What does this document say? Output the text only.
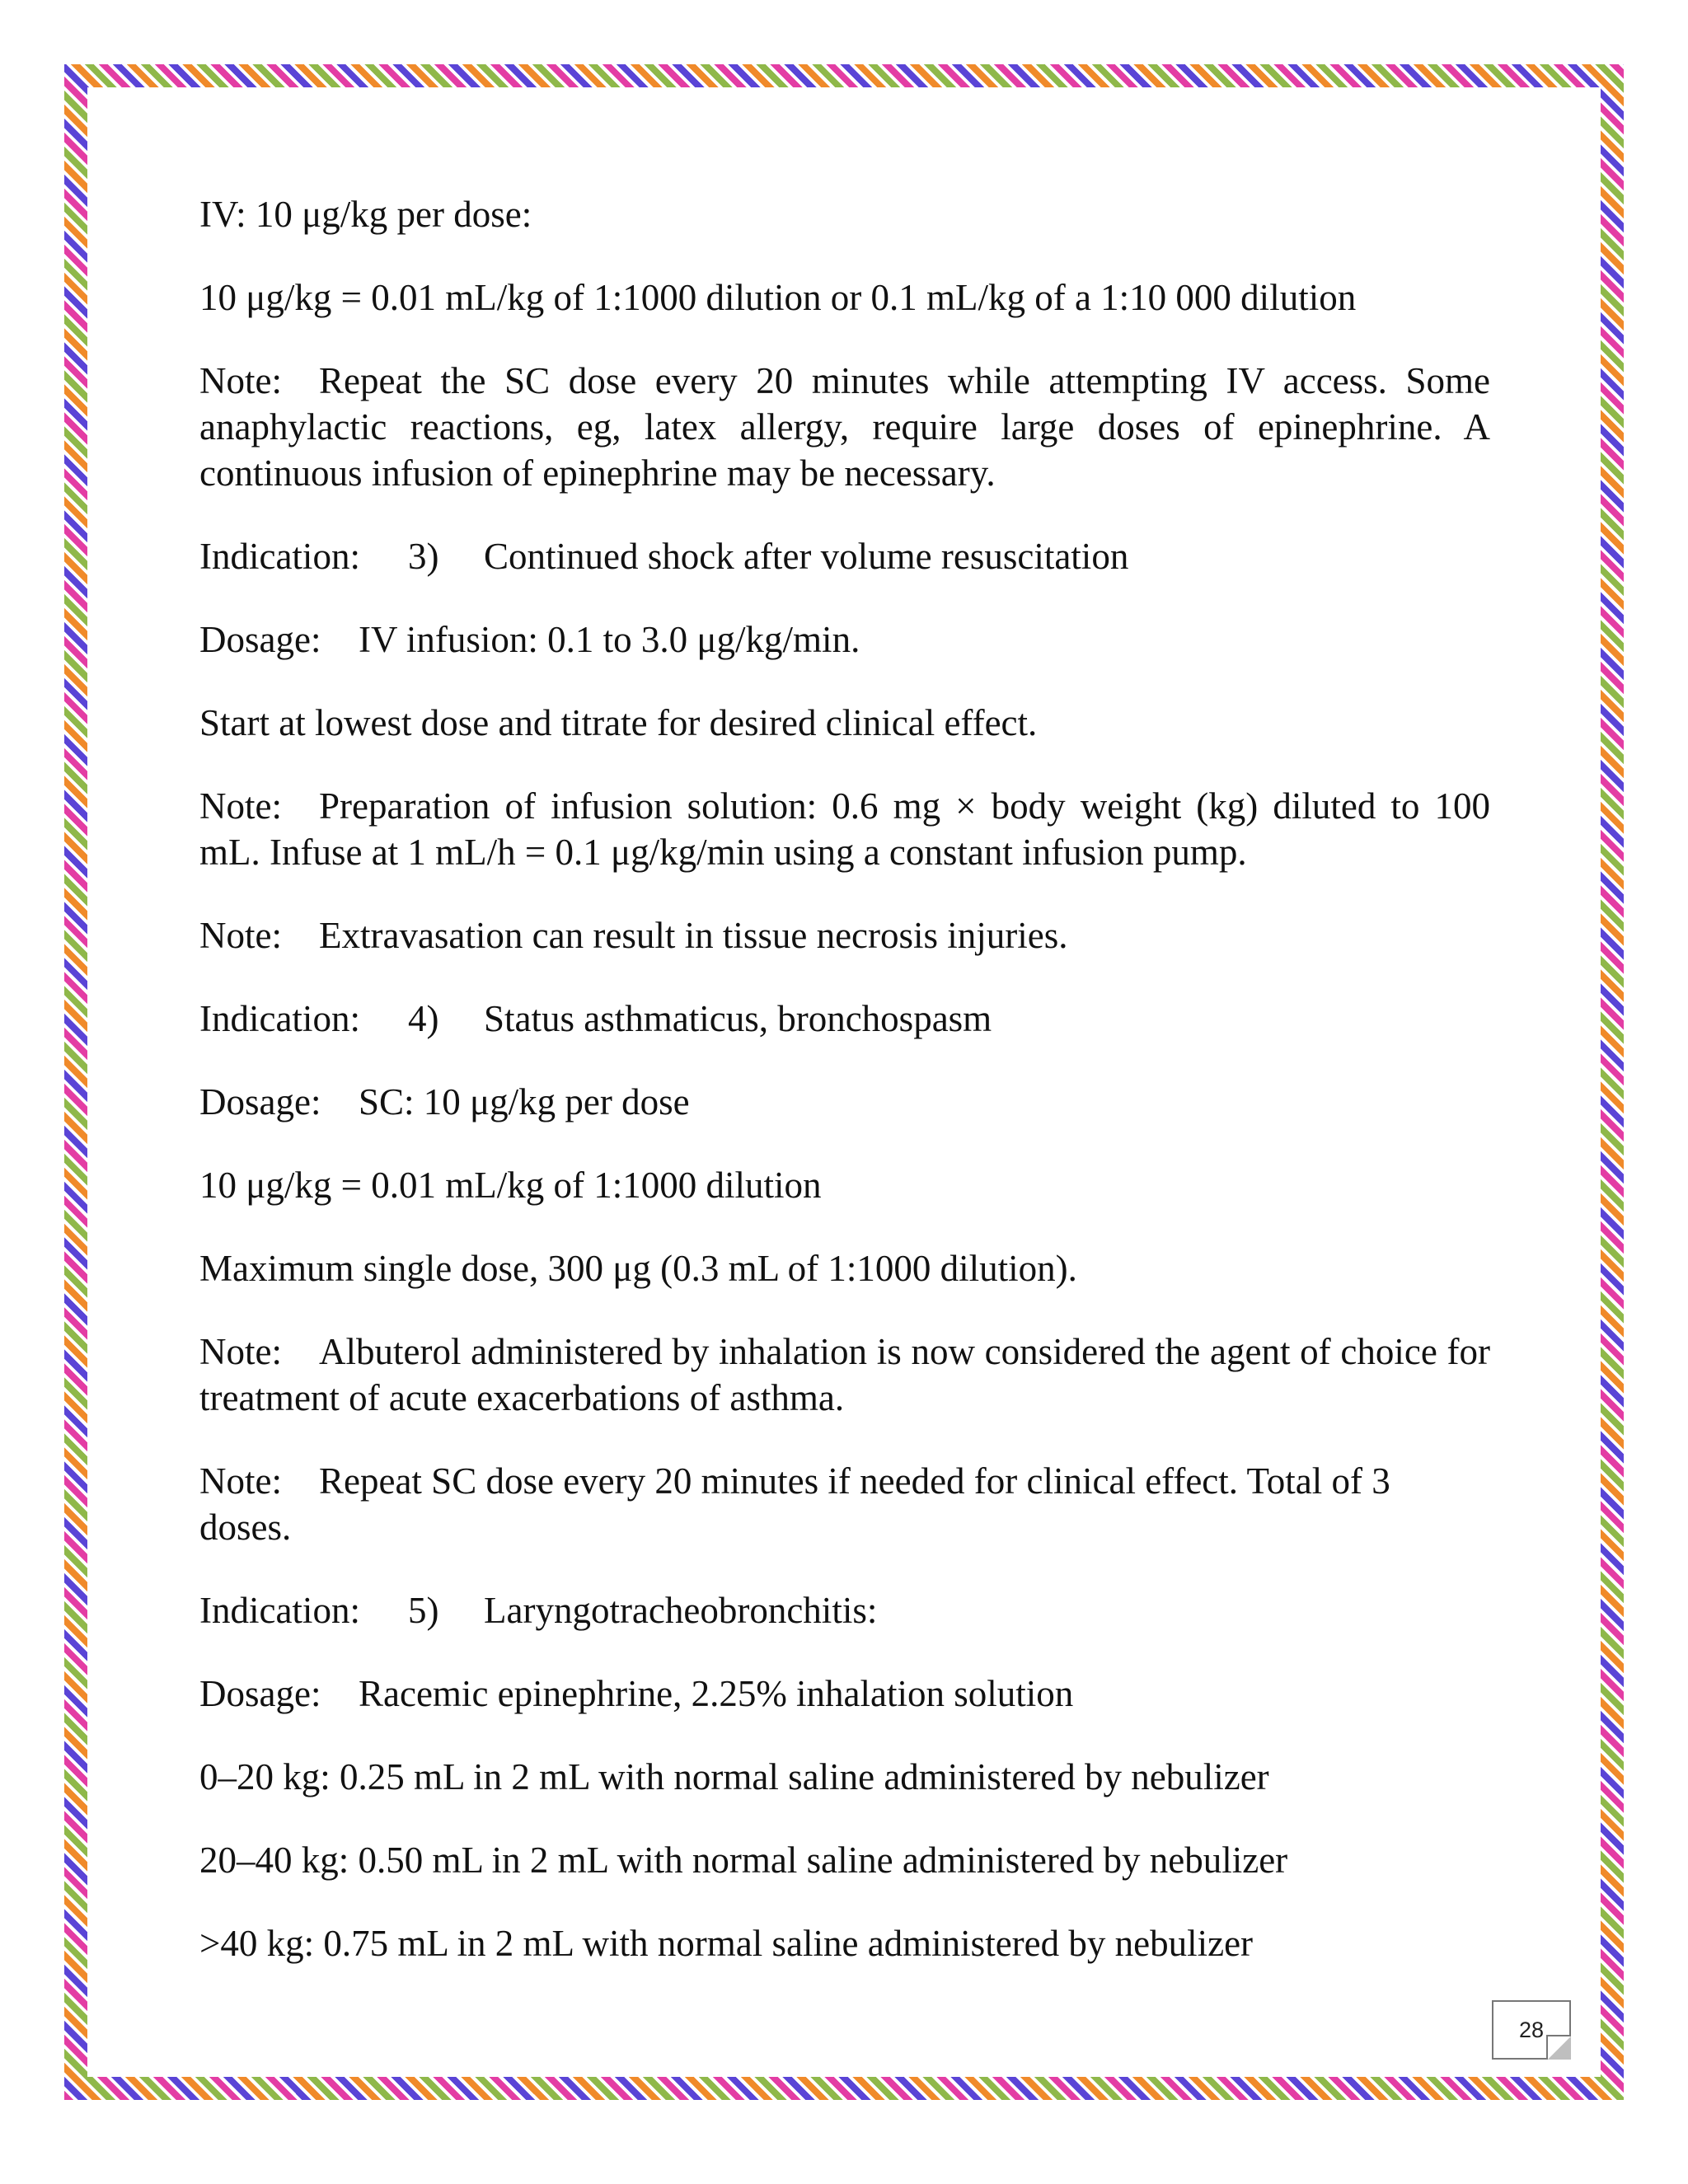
IV: 10 μg/kg per dose:

10 μg/kg = 0.01 mL/kg of 1:1000 dilution or 0.1 mL/kg of a 1:10 000 dilution

Note: Repeat the SC dose every 20 minutes while attempting IV access. Some anaphylactic reactions, eg, latex allergy, require large doses of epinephrine. A continuous infusion of epinephrine may be necessary.

Indication: 3) Continued shock after volume resuscitation

Dosage: IV infusion: 0.1 to 3.0 μg/kg/min.

Start at lowest dose and titrate for desired clinical effect.

Note: Preparation of infusion solution: 0.6 mg × body weight (kg) diluted to 100 mL. Infuse at 1 mL/h = 0.1 μg/kg/min using a constant infusion pump.

Note: Extravasation can result in tissue necrosis injuries.

Indication: 4) Status asthmaticus, bronchospasm

Dosage: SC: 10 μg/kg per dose

10 μg/kg = 0.01 mL/kg of 1:1000 dilution

Maximum single dose, 300 μg (0.3 mL of 1:1000 dilution).

Note: Albuterol administered by inhalation is now considered the agent of choice for treatment of acute exacerbations of asthma.

Note: Repeat SC dose every 20 minutes if needed for clinical effect. Total of 3 doses.

Indication: 5) Laryngotracheobronchitis:

Dosage: Racemic epinephrine, 2.25% inhalation solution

0–20 kg: 0.25 mL in 2 mL with normal saline administered by nebulizer

20–40 kg: 0.50 mL in 2 mL with normal saline administered by nebulizer

>40 kg: 0.75 mL in 2 mL with normal saline administered by nebulizer

28
